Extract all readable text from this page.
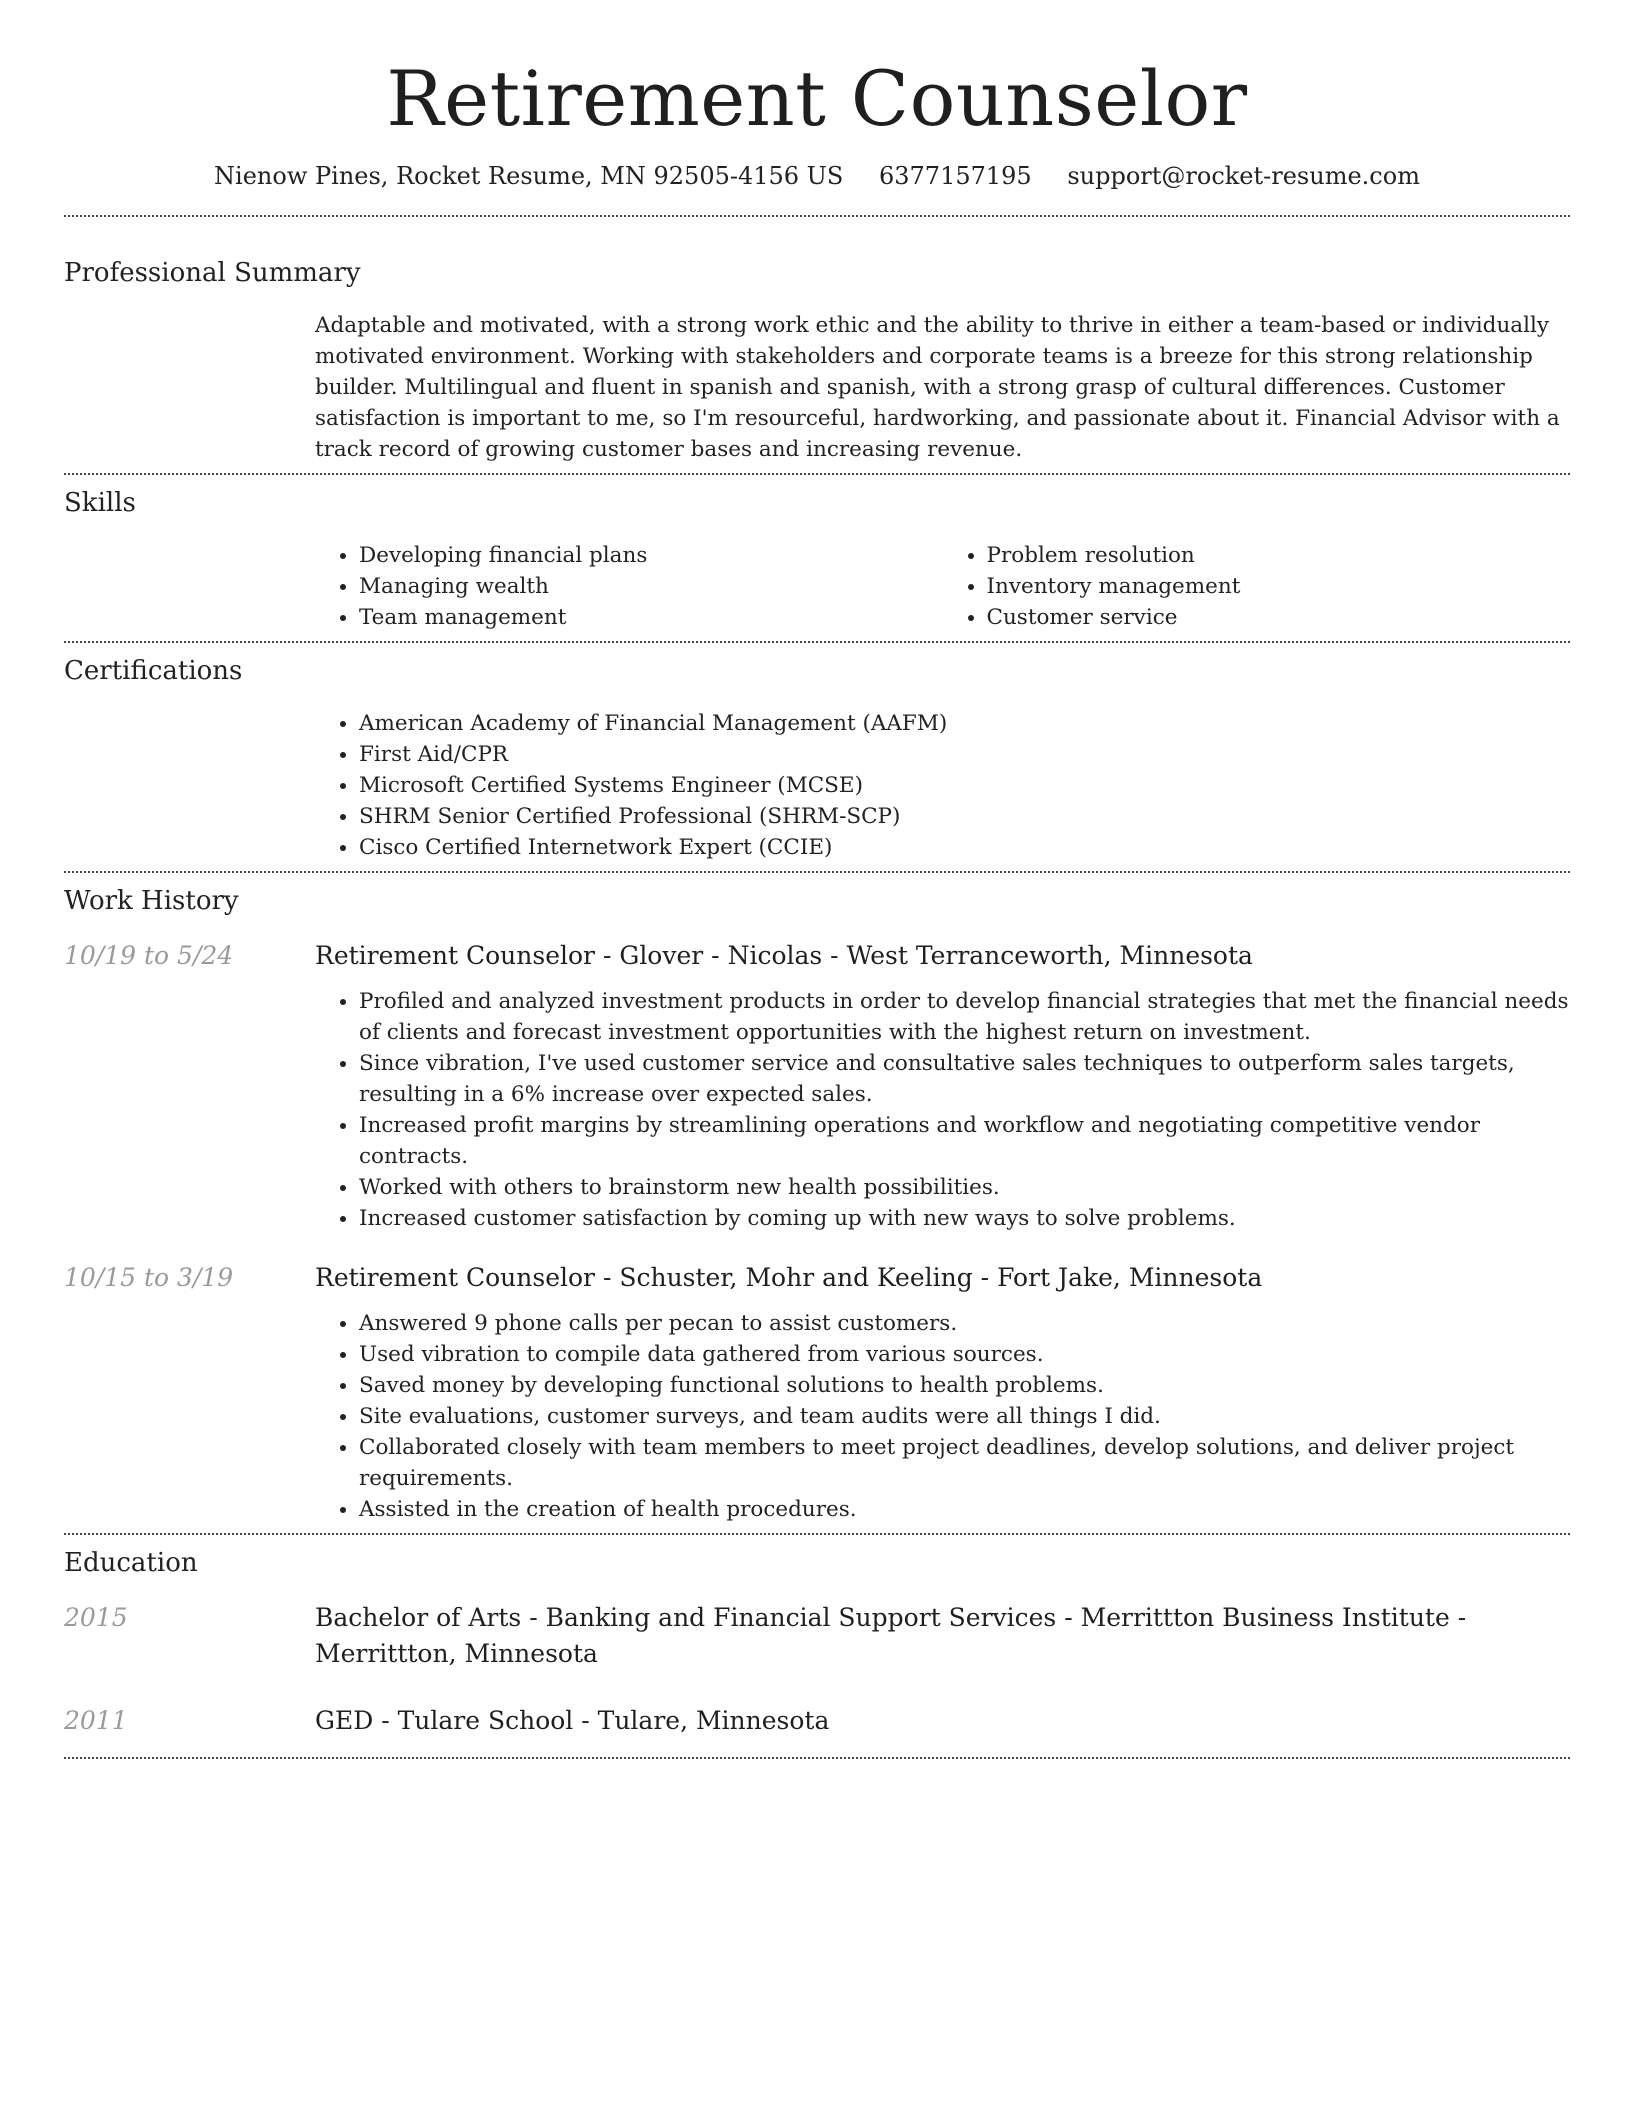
Retirement Counselor
Nienow Pines, Rocket Resume, MN 92505-4156 US 6377157195 support@rocket-resume.com
Professional Summary

Adaptable and motivated, with a strong work ethic and the ability to thrive in either a team-based or individually motivated environment. Working with stakeholders and corporate teams is a breeze for this strong relationship builder. Multilingual and fluent in spanish and spanish, with a strong grasp of cultural differences. Customer satisfaction is important to me, so I'm resourceful, hardworking, and passionate about it. Financial Advisor with a track record of growing customer bases and increasing revenue.

Skills
• Developing financial plans
• Managing wealth
• Team management
• Problem resolution
• Inventory management
• Customer service
Certifications
• American Academy of Financial Management (AAFM)
• First Aid/CPR
• Microsoft Certified Systems Engineer (MCSE)
• SHRM Senior Certified Professional (SHRM-SCP)
• Cisco Certified Internetwork Expert (CCIE)
Work History
10/19 to 5/24	Retirement Counselor - Glover - Nicolas - West Terranceworth, Minnesota
• Profiled and analyzed investment products in order to develop financial strategies that met the financial needs of clients and forecast investment opportunities with the highest return on investment.
• Since vibration, I've used customer service and consultative sales techniques to outperform sales targets, resulting in a 6% increase over expected sales.
• Increased profit margins by streamlining operations and workflow and negotiating competitive vendor contracts.
• Worked with others to brainstorm new health possibilities.
• Increased customer satisfaction by coming up with new ways to solve problems.
10/15 to 3/19	Retirement Counselor - Schuster, Mohr and Keeling - Fort Jake, Minnesota
• Answered 9 phone calls per pecan to assist customers.
• Used vibration to compile data gathered from various sources.
• Saved money by developing functional solutions to health problems.
• Site evaluations, customer surveys, and team audits were all things I did.
• Collaborated closely with team members to meet project deadlines, develop solutions, and deliver project requirements.
• Assisted in the creation of health procedures.
Education
2015	Bachelor of Arts - Banking and Financial Support Services - Merrittton Business Institute - Merrittton, Minnesota
2011	GED - Tulare School - Tulare, Minnesota
